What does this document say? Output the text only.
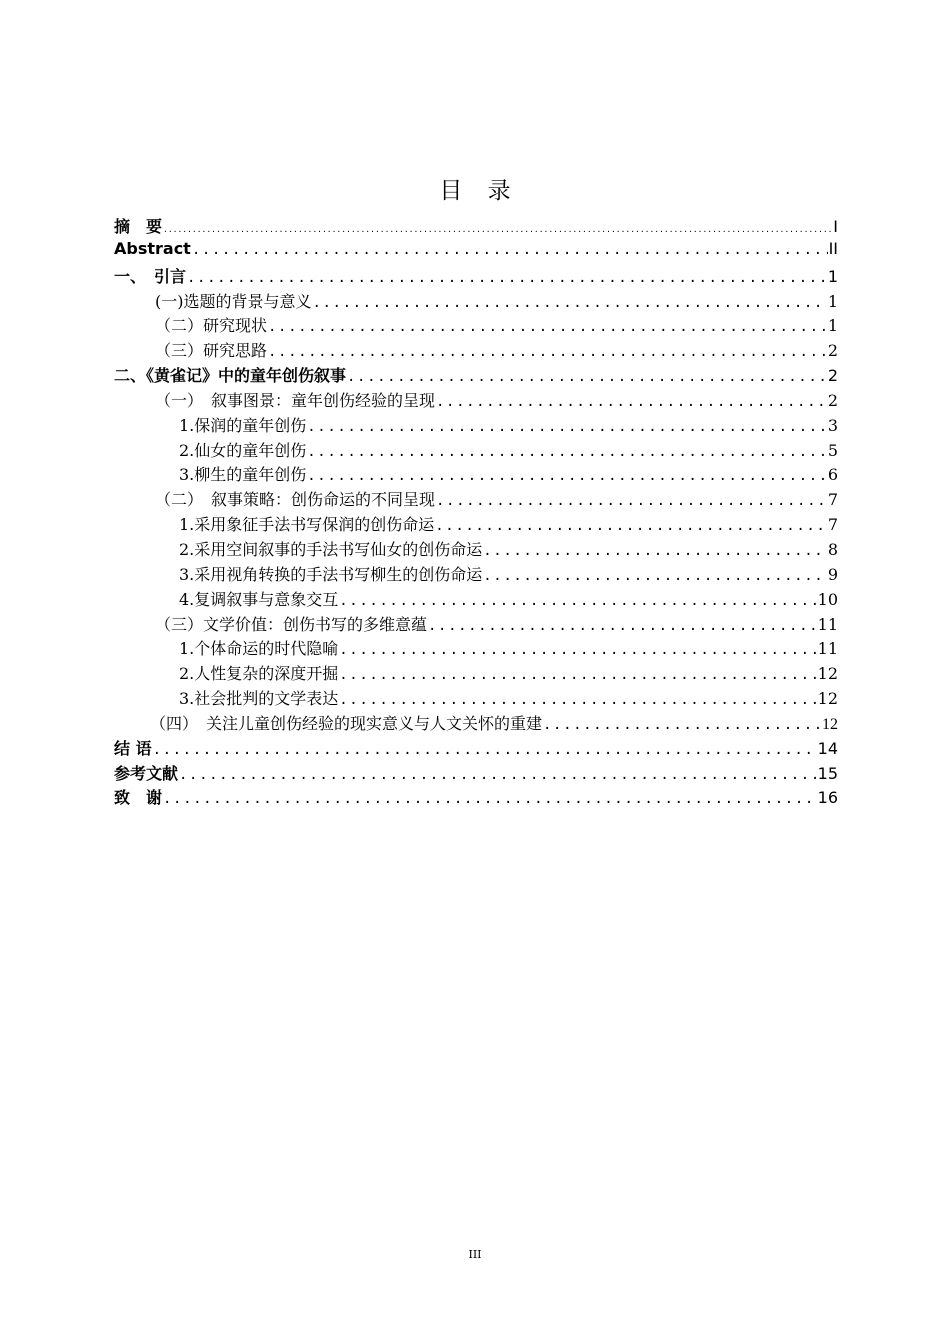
目 录
摘　要 .....	I
Abstract .....	II
一、　引言 .....	1
(一)选题的背景与意义 .....	1
（二）研究现状 .....	1
（三）研究思路 .....	2
二、《黄雀记》中的童年创伤叙事 .....	2
（一）　叙事图景：童年创伤经验的呈现 .....	2
1.保润的童年创伤 .....	3
2.仙女的童年创伤 .....	5
3.柳生的童年创伤 .....	6
（二）　叙事策略：创伤命运的不同呈现 .....	7
1.采用象征手法书写保润的创伤命运 .....	7
2.采用空间叙事的手法书写仙女的创伤命运 .....	8
3.采用视角转换的手法书写柳生的创伤命运 .....	9
4.复调叙事与意象交互 .....	10
（三）文学价值：创伤书写的多维意蕴 .....	11
1.个体命运的时代隐喻 .....	11
2.人性复杂的深度开掘 .....	12
3.社会批判的文学表达 .....	12
（四）　关注儿童创伤经验的现实意义与人文关怀的重建 .....	12
结 语 .....	14
参考文献 .....	15
致　谢 .....	16
III
